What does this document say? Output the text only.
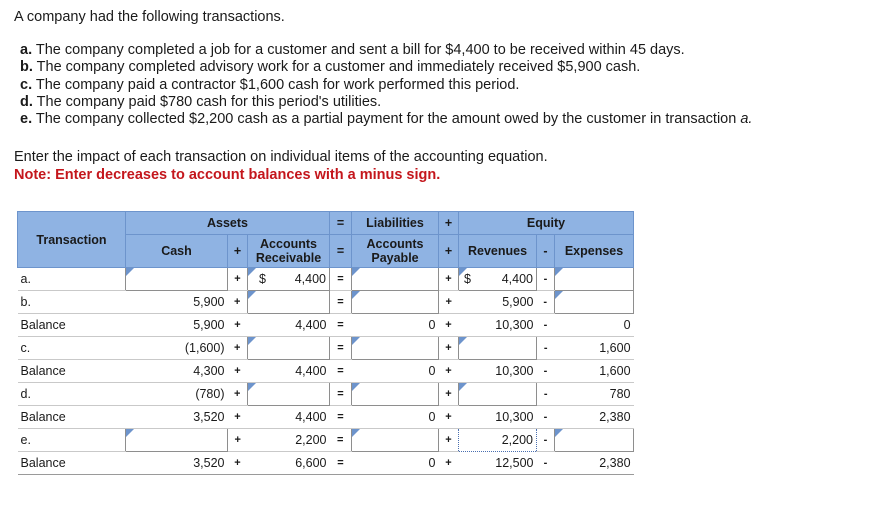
A company had the following transactions.
a. The company completed a job for a customer and sent a bill for $4,400 to be received within 45 days.
b. The company completed advisory work for a customer and immediately received $5,900 cash.
c. The company paid a contractor $1,600 cash for work performed this period.
d. The company paid $780 cash for this period's utilities.
e. The company collected $2,200 cash as a partial payment for the amount owed by the customer in transaction a.
Enter the impact of each transaction on individual items of the accounting equation.
Note: Enter decreases to account balances with a minus sign.
Transaction	Assets			=	Liabilities	+	Equity		
	Cash	+	Accounts
Receivable	=	Accounts
Payable	+	Revenues	-	Expenses
a.		+	$ 4,400	=		+	$ 4,400	-	
b.	5,900	+		=		+	5,900	-	
Balance	5,900	+	4,400	=	0	+	10,300	-	0
c.	(1,600)	+		=		+		-	1,600
Balance	4,300	+	4,400	=	0	+	10,300	-	1,600
d.	(780)	+		=		+		-	780
Balance	3,520	+	4,400	=	0	+	10,300	-	2,380
e.		+	2,200	=		+	2,200	-	
Balance	3,520	+	6,600	=	0	+	12,500	-	2,380
